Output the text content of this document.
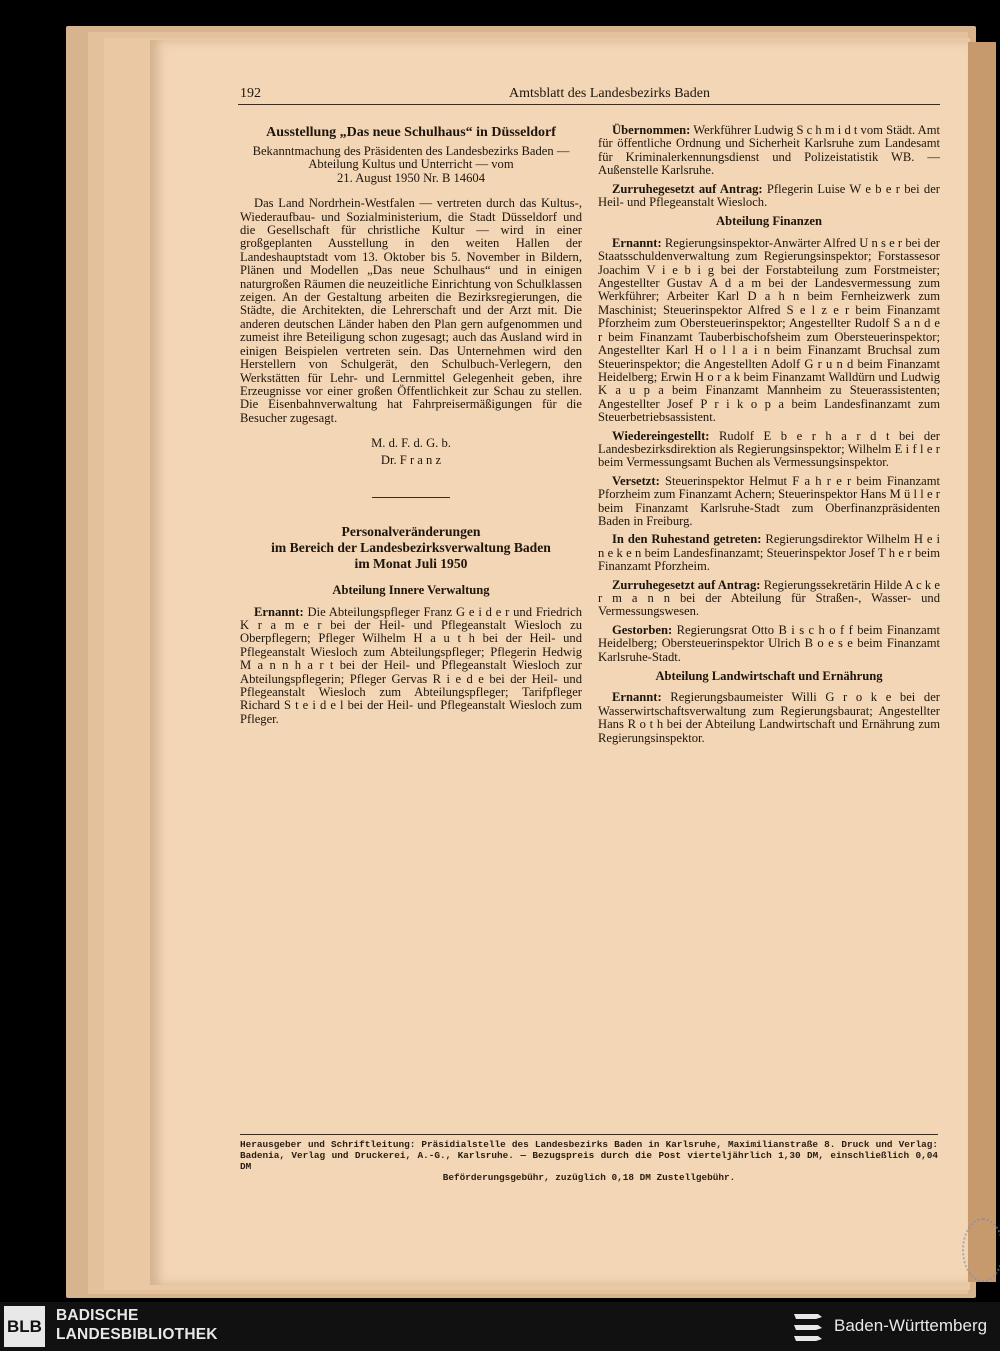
192	Amtsblatt des Landesbezirks Baden
Ausstellung „Das neue Schulhaus“ in Düsseldorf
Bekanntmachung des Präsidenten des Landesbezirks Baden — Abteilung Kultus und Unterricht — vom
21. August 1950 Nr. B 14604

Das Land Nordrhein-Westfalen — vertreten durch das Kultus-, Wiederaufbau- und Sozialministerium, die Stadt Düsseldorf und die Gesellschaft für christliche Kultur — wird in einer großgeplanten Ausstellung in den weiten Hallen der Landeshauptstadt vom 13. Oktober bis 5. November in Bildern, Plänen und Modellen „Das neue Schulhaus“ und in einigen naturgroßen Räumen die neuzeitliche Einrichtung von Schulklassen zeigen. An der Gestaltung arbeiten die Bezirksregierungen, die Städte, die Architekten, die Lehrerschaft und der Arzt mit. Die anderen deutschen Länder haben den Plan gern aufgenommen und zumeist ihre Beteiligung schon zugesagt; auch das Ausland wird in einigen Beispielen vertreten sein. Das Unternehmen wird den Herstellern von Schulgerät, den Schulbuch-Verlegern, den Werkstätten für Lehr- und Lernmittel Gelegenheit geben, ihre Erzeugnisse vor einer großen Öffentlichkeit zur Schau zu stellen. Die Eisenbahnverwaltung hat Fahrpreisermäßigungen für die Besucher zugesagt.

M. d. F. d. G. b.
Dr. F r a n z
Personalveränderungen
im Bereich der Landesbezirksverwaltung Baden
im Monat Juli 1950
Abteilung Innere Verwaltung

Ernannt: Die Abteilungspfleger Franz G e i d e r und Friedrich K r a m e r bei der Heil- und Pflegeanstalt Wiesloch zu Oberpflegern; Pfleger Wilhelm H a u t h bei der Heil- und Pflegeanstalt Wiesloch zum Abteilungspfleger; Pflegerin Hedwig M a n n h a r t bei der Heil- und Pflegeanstalt Wiesloch zur Abteilungspflegerin; Pfleger Gervas R i e d e bei der Heil- und Pflegeanstalt Wiesloch zum Abteilungspfleger; Tarifpfleger Richard S t e i d e l bei der Heil- und Pflegeanstalt Wiesloch zum Pfleger.

Übernommen: Werkführer Ludwig S c h m i d t vom Städt. Amt für öffentliche Ordnung und Sicherheit Karlsruhe zum Landesamt für Kriminalerkennungsdienst und Polizeistatistik WB. — Außenstelle Karlsruhe.

Zurruhegesetzt auf Antrag: Pflegerin Luise W e b e r bei der Heil- und Pflegeanstalt Wiesloch.

Abteilung Finanzen

Ernannt: Regierungsinspektor-Anwärter Alfred U n s e r bei der Staatsschuldenverwaltung zum Regierungsinspektor; Forstassesor Joachim V i e b i g bei der Forstabteilung zum Forstmeister; Angestellter Gustav A d a m bei der Landesvermessung zum Werkführer; Arbeiter Karl D a h n beim Fernheizwerk zum Maschinist; Steuerinspektor Alfred S e l z e r beim Finanzamt Pforzheim zum Obersteuerinspektor; Angestellter Rudolf S a n d e r beim Finanzamt Tauberbischofsheim zum Obersteuerinspektor; Angestellter Karl H o l l a i n beim Finanzamt Bruchsal zum Steuerinspektor; die Angestellten Adolf G r u n d beim Finanzamt Heidelberg; Erwin H o r a k beim Finanzamt Walldürn und Ludwig K a u p a beim Finanzamt Mannheim zu Steuerassistenten; Angestellter Josef P r i k o p a beim Landesfinanzamt zum Steuerbetriebsassistent.

Wiedereingestellt: Rudolf E b e r h a r d t bei der Landesbezirksdirektion als Regierungsinspektor; Wilhelm E i f l e r beim Vermessungsamt Buchen als Vermessungsinspektor.

Versetzt: Steuerinspektor Helmut F a h r e r beim Finanzamt Pforzheim zum Finanzamt Achern; Steuerinspektor Hans M ü l l e r beim Finanzamt Karlsruhe-Stadt zum Oberfinanzpräsidenten Baden in Freiburg.

In den Ruhestand getreten: Regierungsdirektor Wilhelm H e i n e k e n beim Landesfinanzamt; Steuerinspektor Josef T h e r beim Finanzamt Pforzheim.

Zurruhegesetzt auf Antrag: Regierungssekretärin Hilde A c k e r m a n n bei der Abteilung für Straßen-, Wasser- und Vermessungswesen.

Gestorben: Regierungsrat Otto B i s c h o f f beim Finanzamt Heidelberg; Obersteuerinspektor Ulrich B o e s e beim Finanzamt Karlsruhe-Stadt.

Abteilung Landwirtschaft und Ernährung

Ernannt: Regierungsbaumeister Willi G r o k e bei der Wasserwirtschaftsverwaltung zum Regierungsbaurat; Angestellter Hans R o t h bei der Abteilung Landwirtschaft und Ernährung zum Regierungsinspektor.

Herausgeber und Schriftleitung: Präsidialstelle des Landesbezirks Baden in Karlsruhe, Maximilianstraße 8. Druck und Verlag: Badenia, Verlag und Druckerei, A.-G., Karlsruhe. — Bezugspreis durch die Post vierteljährlich 1,30 DM, einschließlich 0,04 DM
Beförderungsgebühr, zuzüglich 0,18 DM Zustellgebühr.
BLB
BADISCHE
LANDESBIBLIOTHEK	Baden-Württemberg
